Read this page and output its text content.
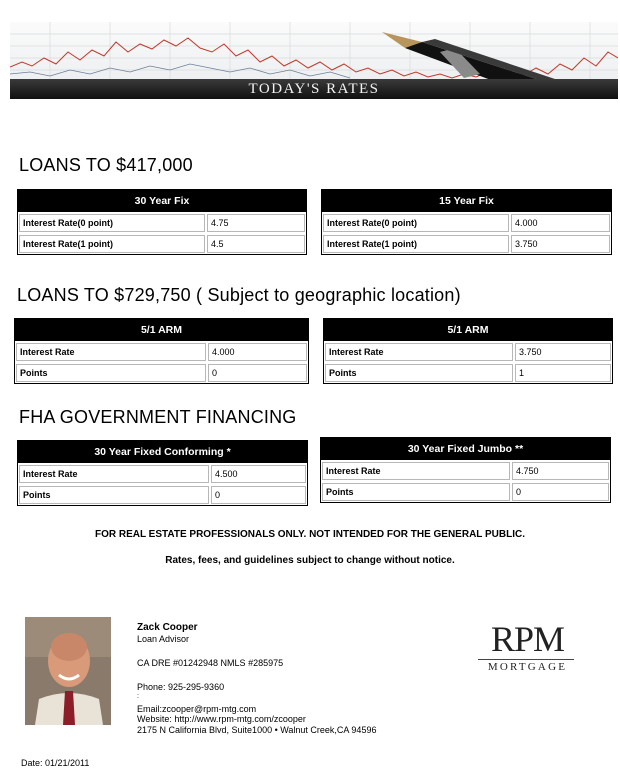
TODAY'S RATES
LOANS TO $417,000
30 Year Fix
Interest Rate(0 point)	4.75
Interest Rate(1 point)	4.5
15 Year Fix
Interest Rate(0 point)	4.000
Interest Rate(1 point)	3.750
LOANS TO $729,750 ( Subject to geographic location)
5/1 ARM
Interest Rate	4.000
Points	0
5/1 ARM
Interest Rate	3.750
Points	1
FHA GOVERNMENT FINANCING
30 Year Fixed Conforming *
Interest Rate	4.500
Points	0
30 Year Fixed Jumbo **
Interest Rate	4.750
Points	0
FOR REAL ESTATE PROFESSIONALS ONLY. NOT INTENDED FOR THE GENERAL PUBLIC.
Rates, fees, and guidelines subject to change without notice.
Zack Cooper
Loan Advisor
CA DRE #01242948 NMLS #285975
Phone: 925-295-9360
:
Email:zcooper@rpm-mtg.com
Website: http://www.rpm-mtg.com/zcooper
2175 N California Blvd, Suite1000 • Walnut Creek,CA 94596
RPM
MORTGAGE
Date: 01/21/2011
